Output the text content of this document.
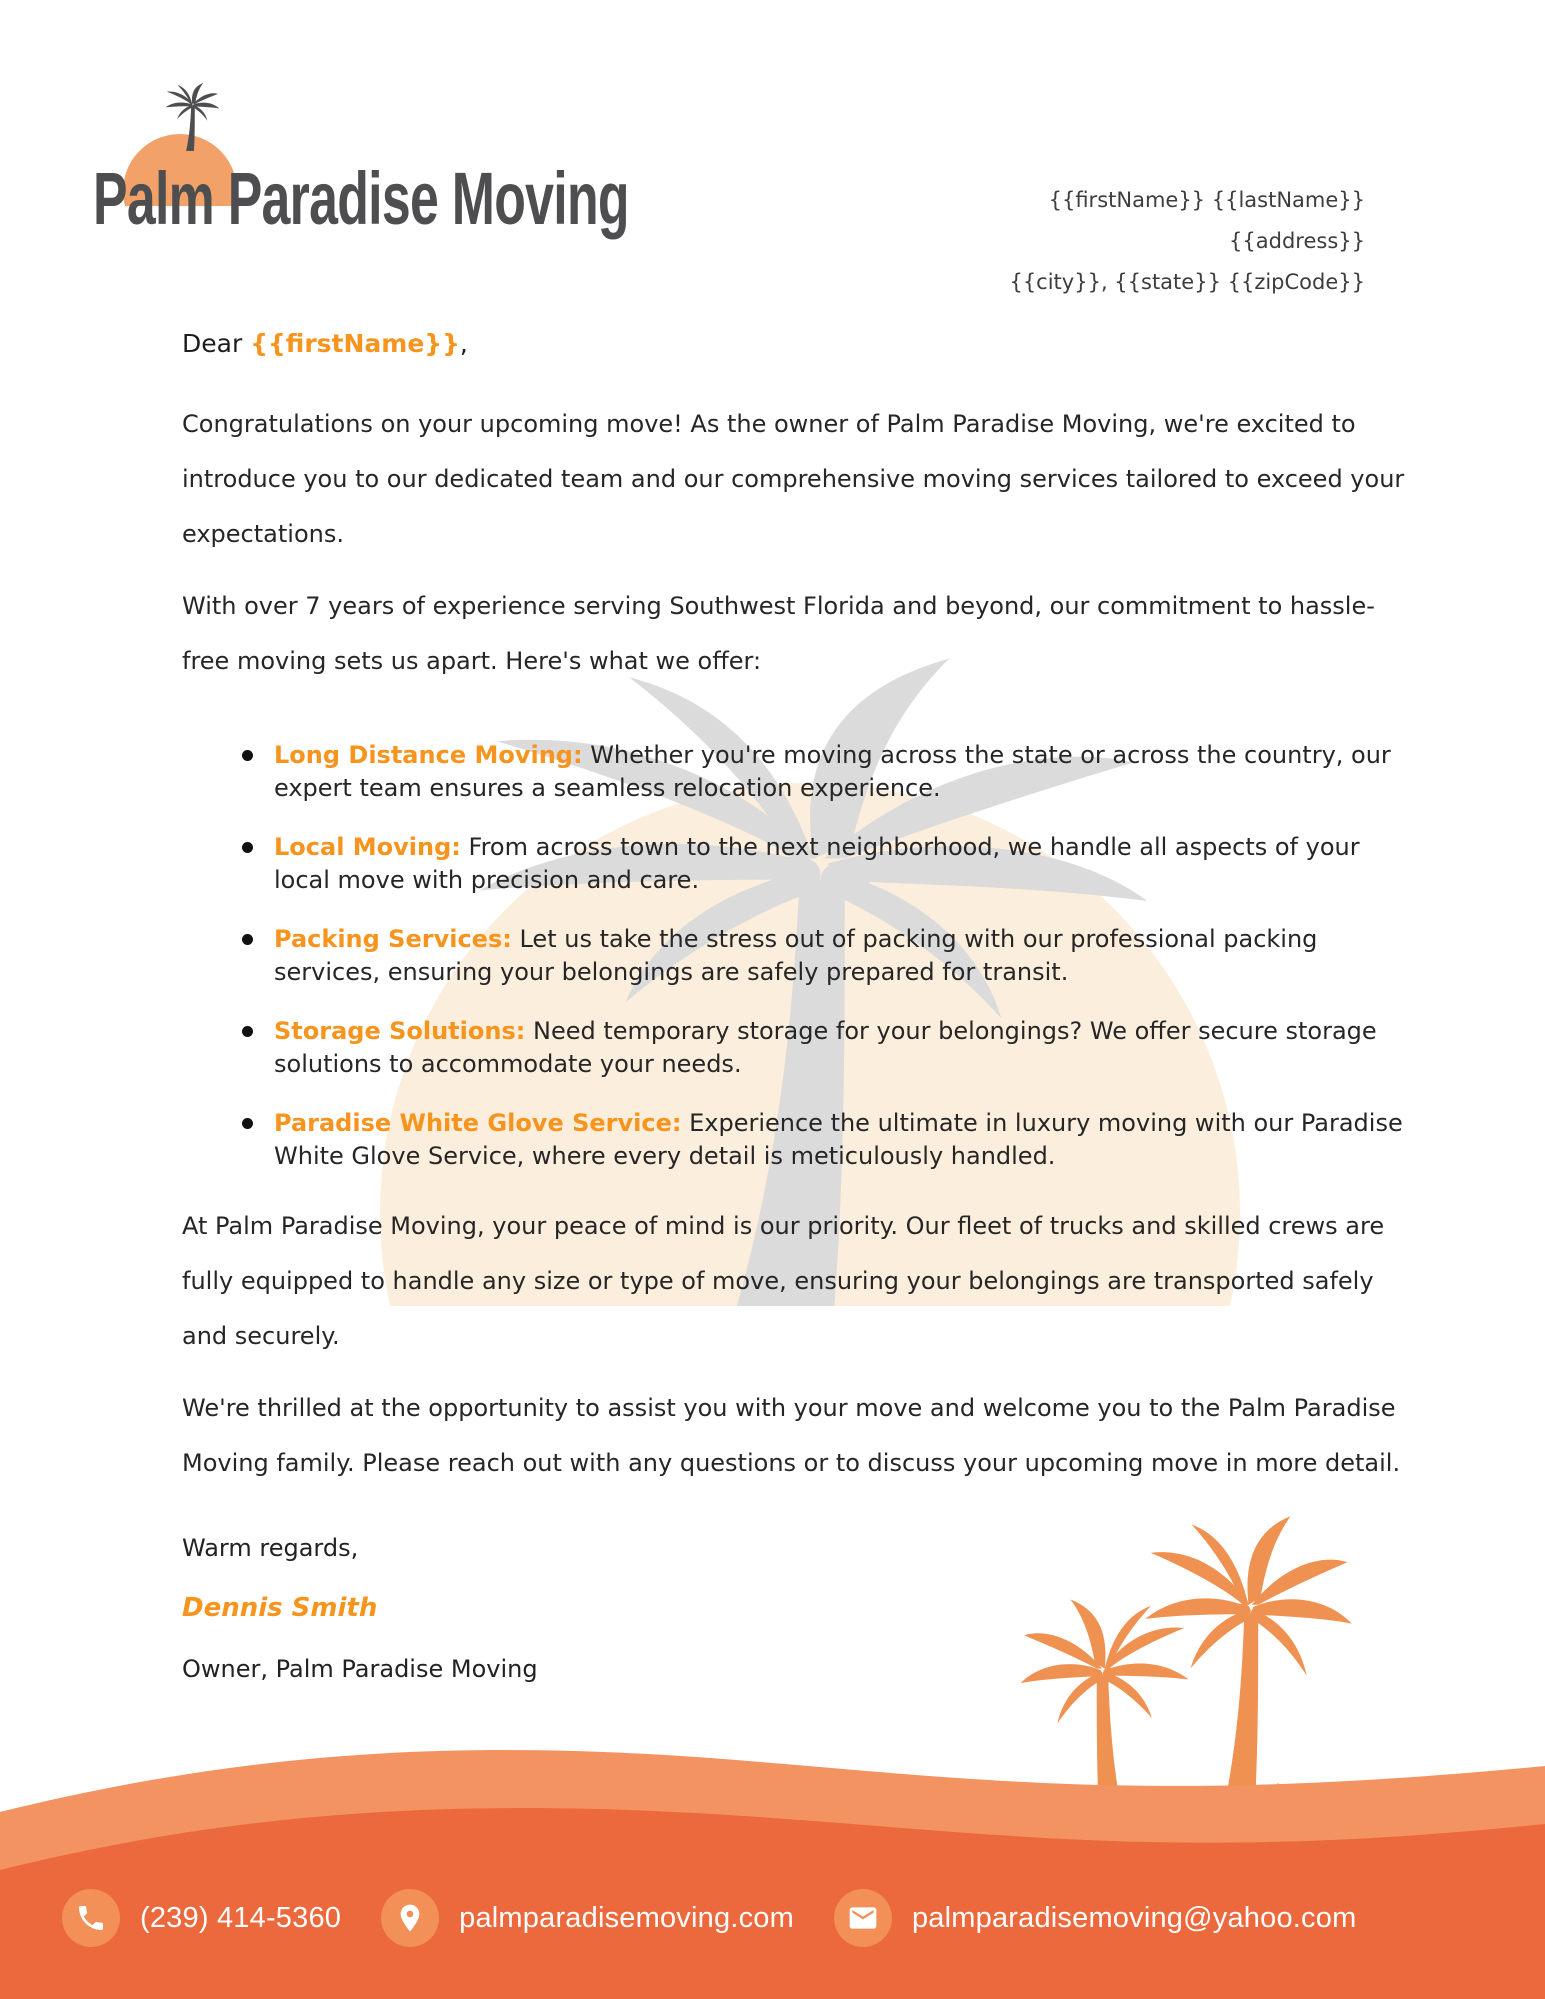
Palm Paradise Moving	{{firstName}} {{lastName}}
{{address}}
{{city}}, {{state}} {{zipCode}}

Dear {{firstName}},

Congratulations on your upcoming move! As the owner of Palm Paradise Moving, we're excited to introduce you to our dedicated team and our comprehensive moving services tailored to exceed your expectations.

With over 7 years of experience serving Southwest Florida and beyond, our commitment to hassle-free moving sets us apart. Here's what we offer:

Long Distance Moving: Whether you're moving across the state or across the country, our expert team ensures a seamless relocation experience.
Local Moving: From across town to the next neighborhood, we handle all aspects of your local move with precision and care.
Packing Services: Let us take the stress out of packing with our professional packing services, ensuring your belongings are safely prepared for transit.
Storage Solutions: Need temporary storage for your belongings? We offer secure storage solutions to accommodate your needs.
Paradise White Glove Service: Experience the ultimate in luxury moving with our Paradise White Glove Service, where every detail is meticulously handled.

At Palm Paradise Moving, your peace of mind is our priority. Our fleet of trucks and skilled crews are fully equipped to handle any size or type of move, ensuring your belongings are transported safely and securely.

We're thrilled at the opportunity to assist you with your move and welcome you to the Palm Paradise Moving family. Please reach out with any questions or to discuss your upcoming move in more detail.

Warm regards,

Dennis Smith

Owner, Palm Paradise Moving

(239) 414-5360	palmparadisemoving.com	palmparadisemoving@yahoo.com
